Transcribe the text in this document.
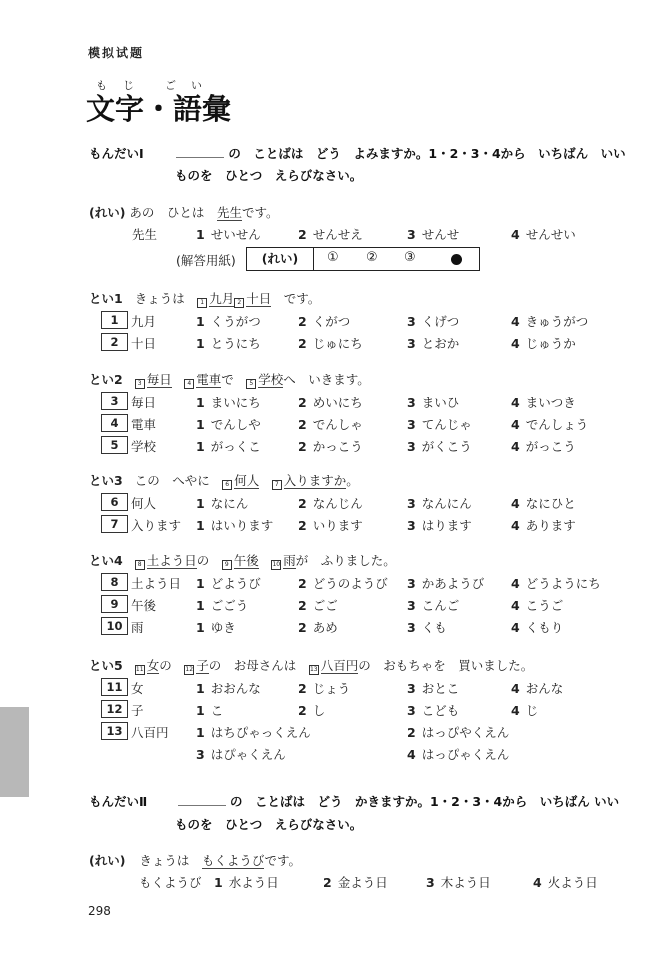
模拟试题
も じ	ご い
文字・語彙
もんだいⅠ	の　ことばは　どう　よみますか。1・2・3・4から　いちばん　いい
ものを　ひとつ　えらびなさい。
(れい) あの　ひとは　先生です。
先生	1 せいせん	2 せんせえ	3 せんせ	4 せんせい
(解答用紙)	(れい)	① ② ③
とい1 きょうは　1 九月 2 十日　です。
1	九月	1 くうがつ	2 くがつ	3 くげつ	4 きゅうがつ
2	十日	1 とうにち	2 じゅにち	3 とおか	4 じゅうか
とい2	3 毎日　	4 電車で　5 学校へ　いきます。
3	毎日	1 まいにち	2 めいにち	3 まいひ	4 まいつき
4	電車	1 でんしや	2 でんしゃ	3 てんじゃ	4 でんしょう
5	学校	1 がっくこ	2 かっこう	3 がくこう	4 がっこう
とい3 この　へやに　6 何人　	7 入りますか。
6	何人	1 なにん	2 なんじん	3 なんにん	4 なにひと
7	入ります 1 はいります 2 いります	3 はります	4 あります
とい4	8 土よう日の　9 午後　 10 雨が　ふりました。
8	土よう日 1 どようび	2 どうのようび 3 かあようび 4 どうようにち
9	午後	1 ごごう	2 ごご	3 こんご	4 こうご
10 雨	1 ゆき	2 あめ	3 くも	4 くもり
とい5 11 女の　12 子の　お母さんは　13 八百円の　おもちゃを　買いました。
11 女	1 おおんな	2 じょう	3 おとこ	4 おんな
12 子	1 こ	2 し	3 こども	4 じ
13 八百円 1 はちぴゃっくえん	2 はっぴやくえん
3 はぴゃくえん	4 はっぴゃくえん
もんだいⅡ	の　ことばは　どう　かきますか。1・2・3・4から　いちばん いい
ものを　ひとつ　えらびなさい。
(れい) きょうは　もくようびです。
もくようび 1 水よう日	2 金よう日	3 木よう日	4 火よう日
298
